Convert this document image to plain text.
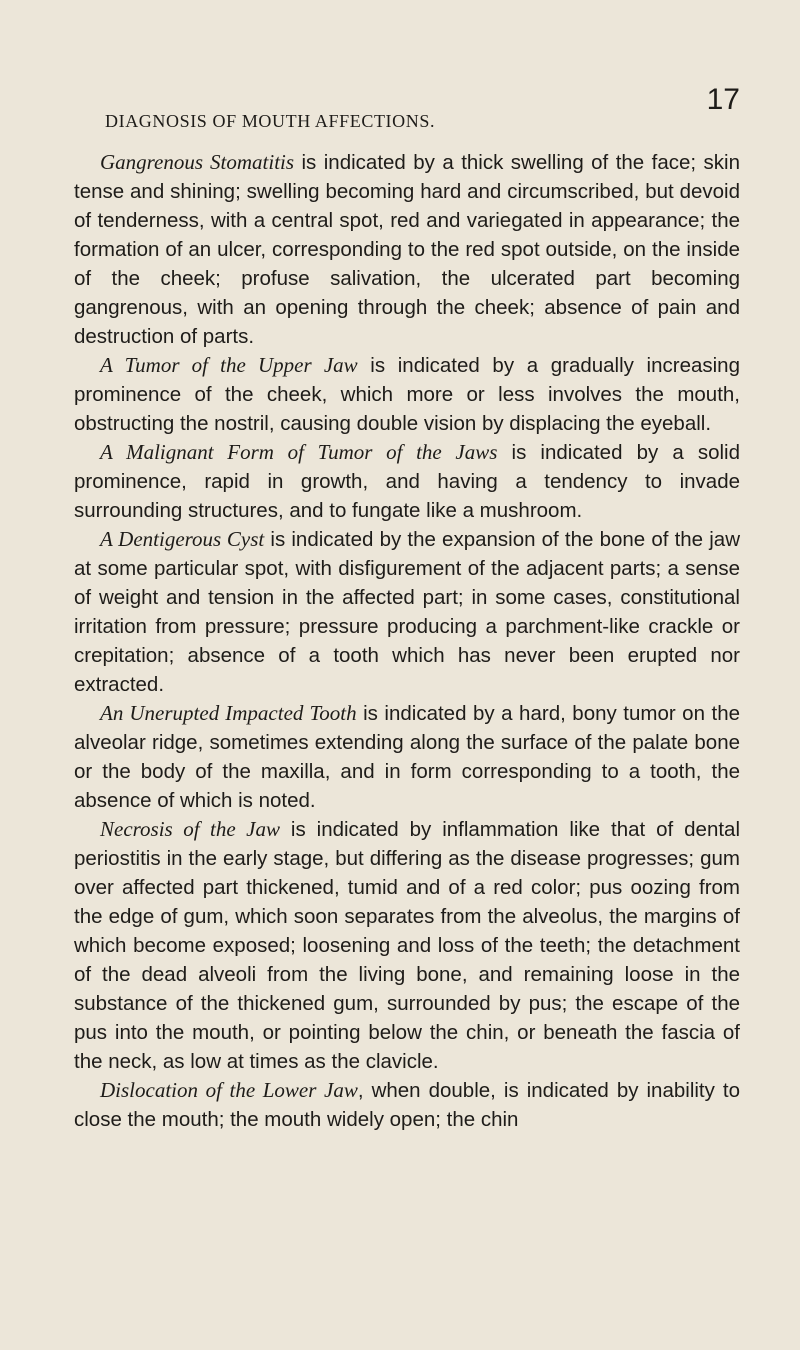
DIAGNOSIS OF MOUTH AFFECTIONS.
17

Gangrenous Stomatitis is indicated by a thick swelling of the face; skin tense and shining; swelling becoming hard and circumscribed, but devoid of tenderness, with a central spot, red and variegated in appearance; the formation of an ulcer, corresponding to the red spot outside, on the inside of the cheek; profuse salivation, the ulcerated part becoming gangrenous, with an opening through the cheek; absence of pain and destruction of parts.

A Tumor of the Upper Jaw is indicated by a gradually increasing prominence of the cheek, which more or less involves the mouth, obstructing the nostril, causing double vision by displacing the eyeball.

A Malignant Form of Tumor of the Jaws is indicated by a solid prominence, rapid in growth, and having a tendency to invade surrounding structures, and to fungate like a mushroom.

A Dentigerous Cyst is indicated by the expansion of the bone of the jaw at some particular spot, with disfigurement of the adjacent parts; a sense of weight and tension in the affected part; in some cases, constitutional irritation from pressure; pressure producing a parchment-like crackle or crepitation; absence of a tooth which has never been erupted nor extracted.

An Unerupted Impacted Tooth is indicated by a hard, bony tumor on the alveolar ridge, sometimes extending along the surface of the palate bone or the body of the maxilla, and in form corresponding to a tooth, the absence of which is noted.

Necrosis of the Jaw is indicated by inflammation like that of dental periostitis in the early stage, but differing as the disease progresses; gum over affected part thickened, tumid and of a red color; pus oozing from the edge of gum, which soon separates from the alveolus, the margins of which become exposed; loosening and loss of the teeth; the detachment of the dead alveoli from the living bone, and remaining loose in the substance of the thickened gum, surrounded by pus; the escape of the pus into the mouth, or pointing below the chin, or beneath the fascia of the neck, as low at times as the clavicle.

Dislocation of the Lower Jaw, when double, is indicated by inability to close the mouth; the mouth widely open; the chin
